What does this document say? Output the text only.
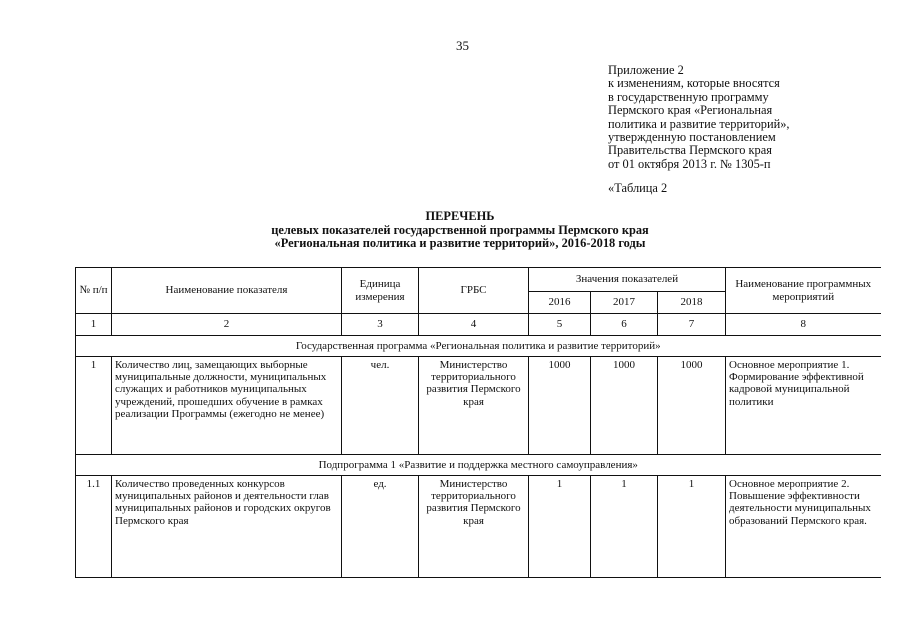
35
Приложение 2
к изменениям, которые вносятся
в государственную программу
Пермского края «Региональная
политика и развитие территорий»,
утвержденную постановлением
Правительства Пермского края
от 01 октября 2013 г. № 1305-п
«Таблица 2
ПЕРЕЧЕНЬ
целевых показателей государственной программы Пермского края
«Региональная политика и развитие территорий», 2016-2018 годы
№ п/п	Наименование показателя	Единица измерения	ГРБС	Значения показателей			Наименование программных мероприятий
				2016	2017	2018	
1	2	3	4	5	6	7	8
Государственная программа «Региональная политика и развитие территорий»							
1	Количество лиц, замещающих выборные муниципальные должности, муниципальных служащих и работников муниципальных учреждений, прошедших обучение в рамках реализации Программы (ежегодно не менее)	чел.	Министерство территориального развития Пермского края	1000	1000	1000	Основное мероприятие 1. Формирование эффективной кадровой муниципальной политики
Подпрограмма 1 «Развитие и поддержка местного самоуправления»							
1.1	Количество проведенных конкурсов муниципальных районов и деятельности глав муниципальных районов и городских округов Пермского края	ед.	Министерство территориального развития Пермского края	1	1	1	Основное мероприятие 2. Повышение эффективности деятельности муниципальных образований Пермского края.
